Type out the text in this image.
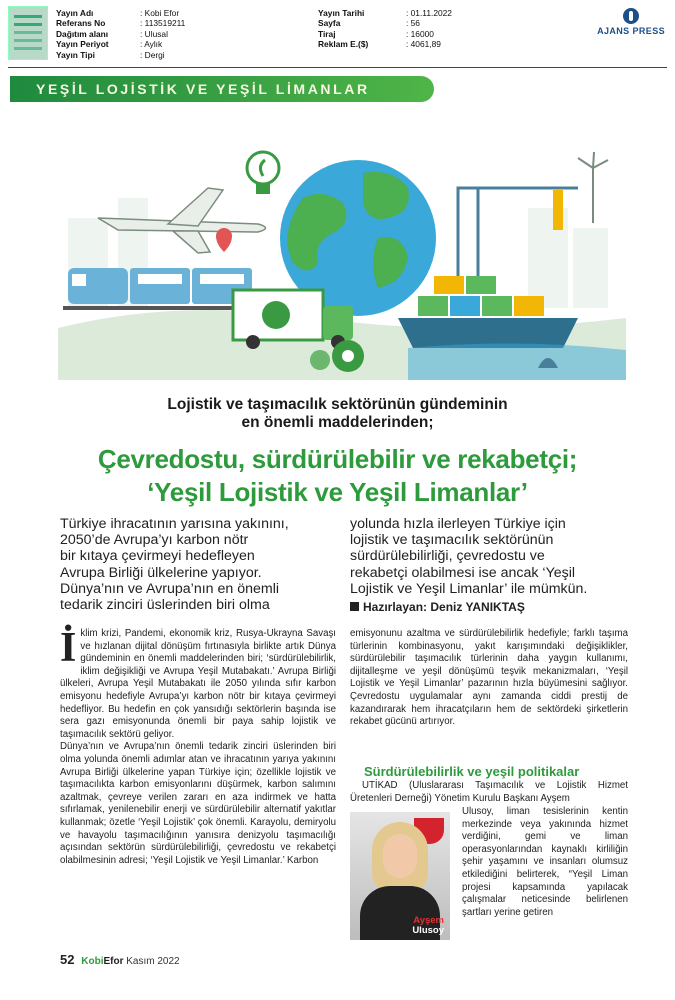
Yayın Adı	: Kobi Efor
Referans No	: 113519211
Dağıtım alanı	: Ulusal
Yayın Periyot	: Aylık
Yayın Tipi	: Dergi
Yayın Tarihi	: 01.11.2022
Sayfa	: 56
Tiraj	: 16000
Reklam E.($)	: 4061,89
AJANS PRESS
YEŞİL LOJİSTİK VE YEŞİL LİMANLAR
Lojistik ve taşımacılık sektörünün gündeminin
en önemli maddelerinden;
Çevredostu, sürdürülebilir ve rekabetçi;
‘Yeşil Lojistik ve Yeşil Limanlar’
Türkiye ihracatının yarısına yakınını,
2050’de Avrupa’yı karbon nötr
bir kıtaya çevirmeyi hedefleyen
Avrupa Birliği ülkelerine yapıyor.
Dünya’nın ve Avrupa’nın en önemli
tedarik zinciri üslerinden biri olma
yolunda hızla ilerleyen Türkiye için
lojistik ve taşımacılık sektörünün
sürdürülebilirliği, çevredostu ve
rekabetçi olabilmesi ise ancak ‘Yeşil
Lojistik ve Yeşil Limanlar’ ile mümkün.
Hazırlayan: Deniz YANIKTAŞ
İ klim krizi, Pandemi, ekonomik kriz, Rusya-Ukrayna Savaşı ve hızlanan dijital dönüşüm fırtınasıyla birlikte artık Dünya gündeminin en önemli maddelerinden biri; ‘sürdürülebilirlik, iklim değişikliği ve Avrupa Yeşil Mutabakatı.’ Avrupa Birliği ülkeleri, Avrupa Yeşil Mutabakatı ile 2050 yılında sıfır karbon emisyonu hedefiyle Avrupa’yı karbon nötr bir kıtaya çevirmeyi hedefliyor. Bu hedefin en çok yansıdığı sektörlerin başında ise sera gazı emisyonunda önemli bir paya sahip lojistik ve taşımacılık sektörü geliyor.

Dünya’nın ve Avrupa’nın önemli tedarik zinciri üslerinden biri olma yolunda önemli adımlar atan ve ihracatının yarıya yakınını Avrupa Birliği ülkelerine yapan Türkiye için; özellikle lojistik ve taşımacılıkta karbon emisyonlarını düşürmek, karbon salımını azaltmak, çevreye verilen zararı en aza indirmek ve hatta sıfırlamak, yenilenebilir enerji ve sürdürülebilir alternatif yakıtlar kullanmak; özetle ‘Yeşil Lojistik’ çok önemli. Karayolu, demiryolu ve havayolu taşımacılığının yanısıra denizyolu taşımacılığı açısından sektörün sürdürülebilirliği, çevredostu ve rekabetçi olabilmesinin adresi; ‘Yeşil Lojistik ve Yeşil Limanlar.’ Karbon

emisyonunu azaltma ve sürdürülebilirlik hedefiyle; farklı taşıma türlerinin kombinasyonu, yakıt karışımındaki değişiklikler, sürdürülebilir taşımacılık türlerinin daha yaygın kullanımı, dijitalleşme ve yeşil dönüşümü teşvik mekanizmaları, ‘Yeşil Lojistik ve Yeşil Limanlar’ pazarının hızla büyümesini sağlıyor. Çevredostu uygulamalar aynı zamanda ciddi prestij de kazandırarak hem ihracatçıların hem de sektördeki şirketlerin rekabet gücünü artırıyor.

Sürdürülebilirlik ve yeşil politikalar
UTİKAD (Uluslararası Taşımacılık ve Lojistik Hizmet Üretenleri Derneği) Yönetim Kurulu Başkanı Ayşem
Ulusoy, liman tesislerinin kentin merkezinde veya yakınında hizmet verdiğini, gemi ve liman operasyonlarından kaynaklı kirliliğin şehir yaşamını ve insanları olumsuz etkilediğini belirterek, “Yeşil Liman projesi kapsamında yapılacak çalışmalar neticesinde belirlenen şartları yerine getiren
Ayşem
Ulusoy
52 KobiEfor Kasım 2022
